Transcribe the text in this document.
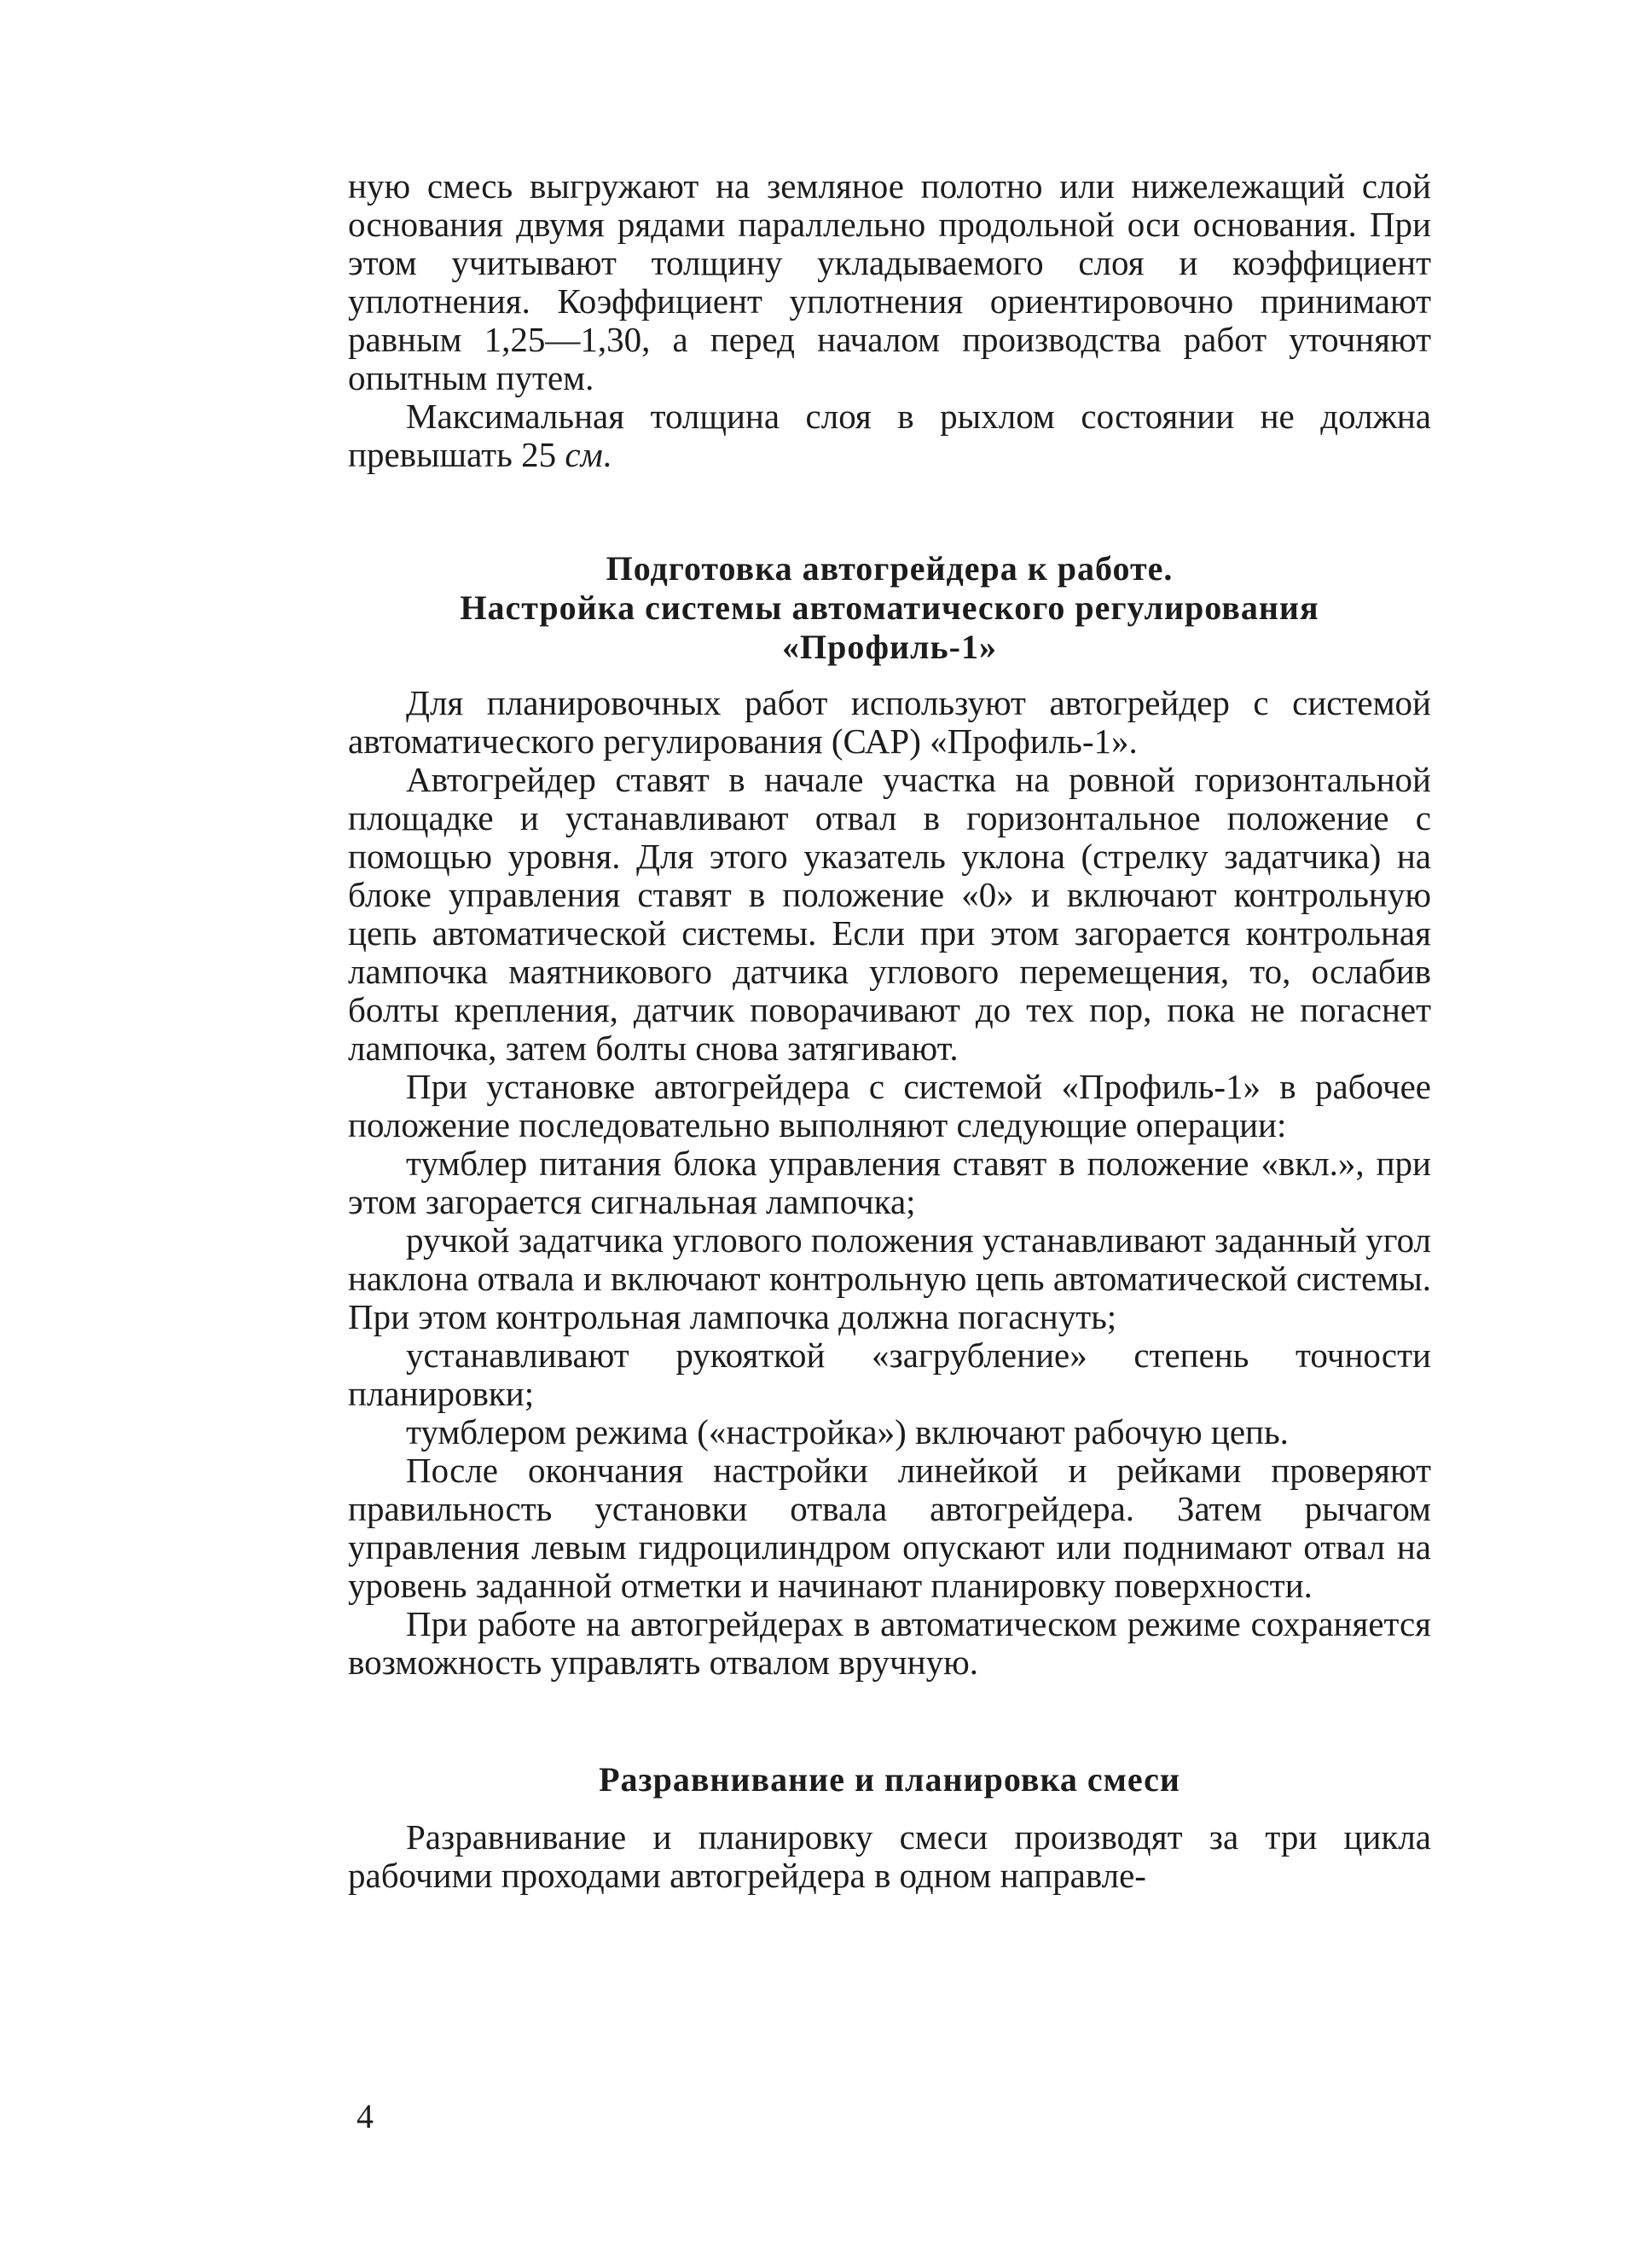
ную смесь выгружают на земляное полотно или нижележащий слой основания двумя рядами параллельно продольной оси основания. При этом учитывают толщину укладываемого слоя и коэффициент уплотнения. Коэффициент уплотнения ориентировочно принимают равным 1,25—1,30, а перед началом производства работ уточняют опытным путем.

Максимальная толщина слоя в рыхлом состоянии не должна превышать 25 см.

Подготовка автогрейдера к работе.
Настройка системы автоматического регулирования
«Профиль-1»

Для планировочных работ используют автогрейдер с системой автоматического регулирования (САР) «Профиль-1».

Автогрейдер ставят в начале участка на ровной горизонтальной площадке и устанавливают отвал в горизонтальное положение с помощью уровня. Для этого указатель уклона (стрелку задатчика) на блоке управления ставят в положение «0» и включают контрольную цепь автоматической системы. Если при этом загорается контрольная лампочка маятникового датчика углового перемещения, то, ослабив болты крепления, датчик поворачивают до тех пор, пока не погаснет лампочка, затем болты снова затягивают.

При установке автогрейдера с системой «Профиль-1» в рабочее положение последовательно выполняют следующие операции:

тумблер питания блока управления ставят в положение «вкл.», при этом загорается сигнальная лампочка;

ручкой задатчика углового положения устанавливают заданный угол наклона отвала и включают контрольную цепь автоматической системы. При этом контрольная лампочка должна погаснуть;

устанавливают рукояткой «загрубление» степень точности планировки;

тумблером режима («настройка») включают рабочую цепь.

После окончания настройки линейкой и рейками проверяют правильность установки отвала автогрейдера. Затем рычагом управления левым гидроцилиндром опускают или поднимают отвал на уровень заданной отметки и начинают планировку поверхности.

При работе на автогрейдерах в автоматическом режиме сохраняется возможность управлять отвалом вручную.

Разравнивание и планировка смеси

Разравнивание и планировку смеси производят за три цикла рабочими проходами автогрейдера в одном направле-

4
